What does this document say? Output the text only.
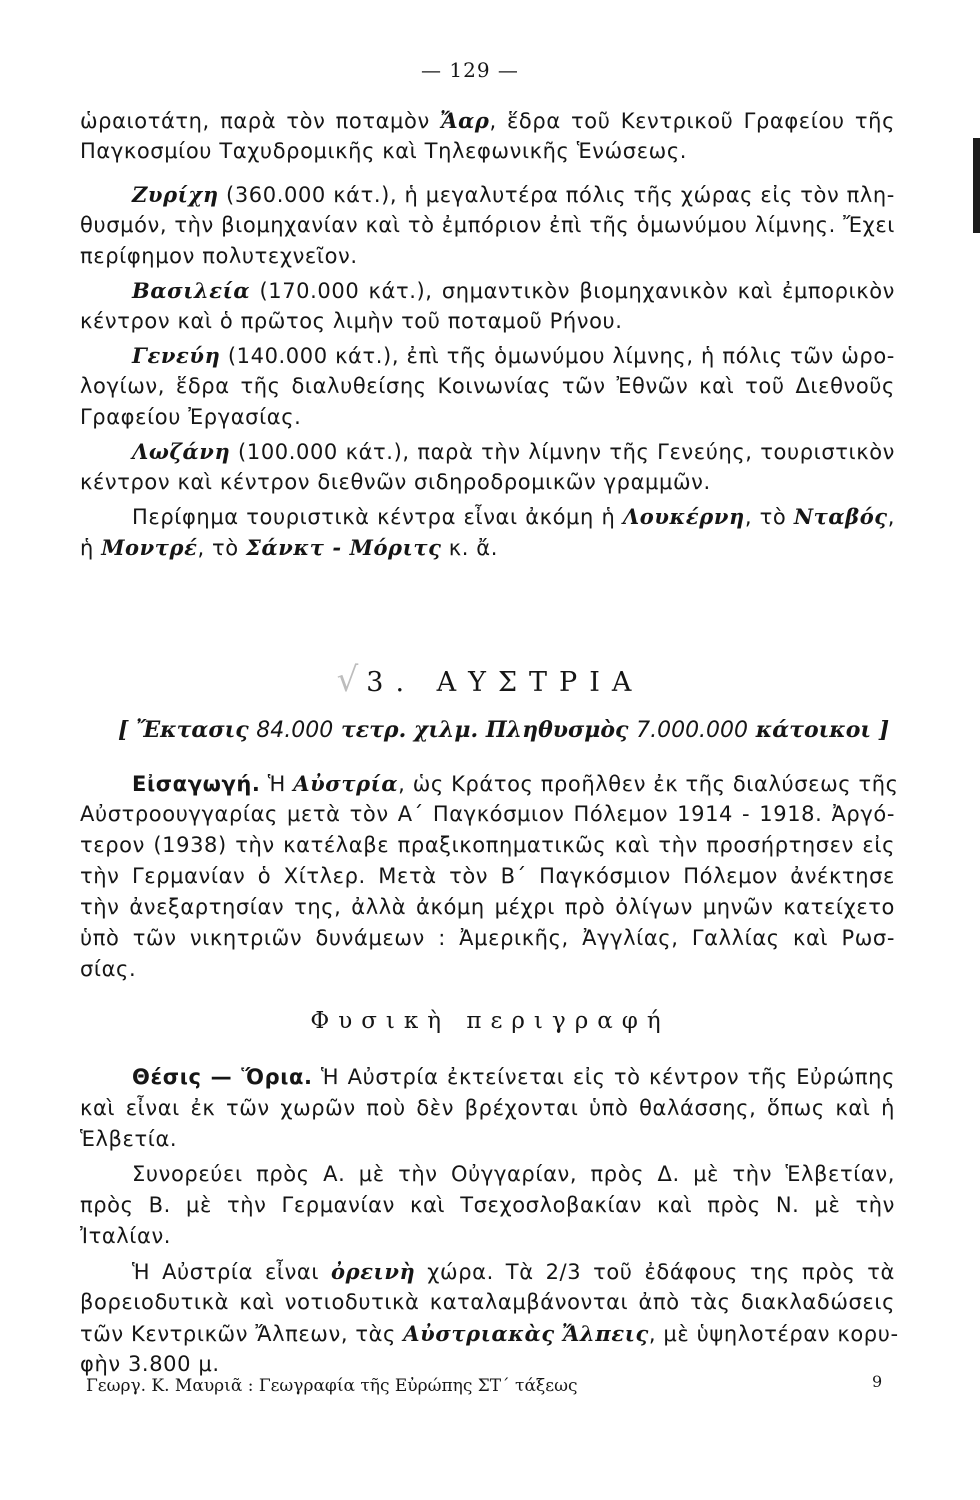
— 129 —
ὡραιοτάτη, παρὰ τὸν ποταμὸν Ἄαρ, ἕδρα τοῦ Κεντρικοῦ Γραφείου τῆς
Παγκοσμίου Ταχυδρομικῆς καὶ Τηλεφωνικῆς Ἑνώσεως.
Ζυρίχη (360.000 κάτ.), ἡ μεγαλυτέρα πόλις τῆς χώρας εἰς τὸν πλη-
θυσμόν, τὴν βιομηχανίαν καὶ τὸ ἐμπόριον ἐπὶ τῆς ὁμωνύμου λίμνης. Ἔχει
περίφημον πολυτεχνεῖον.
Βασιλεία (170.000 κάτ.), σημαντικὸν βιομηχανικὸν καὶ ἐμπορικὸν
κέντρον καὶ ὁ πρῶτος λιμὴν τοῦ ποταμοῦ Ρήνου.
Γενεύη (140.000 κάτ.), ἐπὶ τῆς ὁμωνύμου λίμνης, ἡ πόλις τῶν ὡρο-
λογίων, ἕδρα τῆς διαλυθείσης Κοινωνίας τῶν Ἐθνῶν καὶ τοῦ Διεθνοῦς
Γραφείου Ἐργασίας.
Λωζάνη (100.000 κάτ.), παρὰ τὴν λίμνην τῆς Γενεύης, τουριστικὸν
κέντρον καὶ κέντρον διεθνῶν σιδηροδρομικῶν γραμμῶν.
Περίφημα τουριστικὰ κέντρα εἶναι ἀκόμη ἡ Λουκέρνη, τὸ Νταβός,
ἡ Μοντρέ, τὸ Σάνκτ - Μόριτς κ. ἄ.
√ 3. ΑΥΣΤΡΙΑ
[ Ἔκτασις 84.000 τετρ. χιλμ. Πληθυσμὸς 7.000.000 κάτοικοι ]
Εἰσαγωγή. Ἡ Αὐστρία, ὡς Κράτος προῆλθεν ἐκ τῆς διαλύσεως τῆς
Αὐστροουγγαρίας μετὰ τὸν Α΄ Παγκόσμιον Πόλεμον 1914 - 1918. Ἀργό-
τερον (1938) τὴν κατέλαβε πραξικοπηματικῶς καὶ τὴν προσήρτησεν εἰς
τὴν Γερμανίαν ὁ Χίτλερ. Μετὰ τὸν Β΄ Παγκόσμιον Πόλεμον ἀνέκτησε
τὴν ἀνεξαρτησίαν της, ἀλλὰ ἀκόμη μέχρι πρὸ ὀλίγων μηνῶν κατείχετο
ὑπὸ τῶν νικητριῶν δυνάμεων : Ἀμερικῆς, Ἀγγλίας, Γαλλίας καὶ Ρωσ-
σίας.
Φυσικὴ περιγραφή
Θέσις — Ὅρια. Ἡ Αὐστρία ἐκτείνεται εἰς τὸ κέντρον τῆς Εὐρώπης
καὶ εἶναι ἐκ τῶν χωρῶν ποὺ δὲν βρέχονται ὑπὸ θαλάσσης, ὅπως καὶ ἡ
Ἑλβετία.
Συνορεύει πρὸς Α. μὲ τὴν Οὐγγαρίαν, πρὸς Δ. μὲ τὴν Ἑλβετίαν,
πρὸς Β. μὲ τὴν Γερμανίαν καὶ Τσεχοσλοβακίαν καὶ πρὸς Ν. μὲ τὴν
Ἰταλίαν.
Ἡ Αὐστρία εἶναι ὀρεινὴ χώρα. Τὰ 2/3 τοῦ ἐδάφους της πρὸς τὰ
βορειοδυτικὰ καὶ νοτιοδυτικὰ καταλαμβάνονται ἀπὸ τὰς διακλαδώσεις
τῶν Κεντρικῶν Ἄλπεων, τὰς Αὐστριακὰς Ἄλπεις, μὲ ὑψηλοτέραν κορυ-
φὴν 3.800 μ.
Γεωργ. Κ. Μαυριᾶ : Γεωγραφία τῆς Εὐρώπης ΣΤ΄ τάξεως	9
